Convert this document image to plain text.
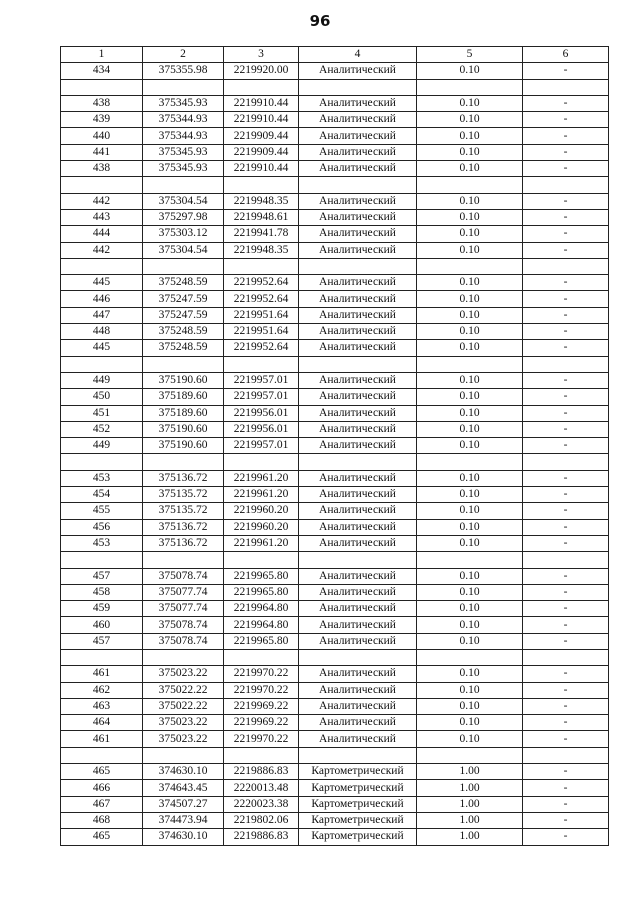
96
1	2	3	4	5	6
434	375355.98	2219920.00	Аналитический	0.10	-

438	375345.93	2219910.44	Аналитический	0.10	-
439	375344.93	2219910.44	Аналитический	0.10	-
440	375344.93	2219909.44	Аналитический	0.10	-
441	375345.93	2219909.44	Аналитический	0.10	-
438	375345.93	2219910.44	Аналитический	0.10	-

442	375304.54	2219948.35	Аналитический	0.10	-
443	375297.98	2219948.61	Аналитический	0.10	-
444	375303.12	2219941.78	Аналитический	0.10	-
442	375304.54	2219948.35	Аналитический	0.10	-

445	375248.59	2219952.64	Аналитический	0.10	-
446	375247.59	2219952.64	Аналитический	0.10	-
447	375247.59	2219951.64	Аналитический	0.10	-
448	375248.59	2219951.64	Аналитический	0.10	-
445	375248.59	2219952.64	Аналитический	0.10	-

449	375190.60	2219957.01	Аналитический	0.10	-
450	375189.60	2219957.01	Аналитический	0.10	-
451	375189.60	2219956.01	Аналитический	0.10	-
452	375190.60	2219956.01	Аналитический	0.10	-
449	375190.60	2219957.01	Аналитический	0.10	-

453	375136.72	2219961.20	Аналитический	0.10	-
454	375135.72	2219961.20	Аналитический	0.10	-
455	375135.72	2219960.20	Аналитический	0.10	-
456	375136.72	2219960.20	Аналитический	0.10	-
453	375136.72	2219961.20	Аналитический	0.10	-

457	375078.74	2219965.80	Аналитический	0.10	-
458	375077.74	2219965.80	Аналитический	0.10	-
459	375077.74	2219964.80	Аналитический	0.10	-
460	375078.74	2219964.80	Аналитический	0.10	-
457	375078.74	2219965.80	Аналитический	0.10	-

461	375023.22	2219970.22	Аналитический	0.10	-
462	375022.22	2219970.22	Аналитический	0.10	-
463	375022.22	2219969.22	Аналитический	0.10	-
464	375023.22	2219969.22	Аналитический	0.10	-
461	375023.22	2219970.22	Аналитический	0.10	-

465	374630.10	2219886.83	Картометрический	1.00	-
466	374643.45	2220013.48	Картометрический	1.00	-
467	374507.27	2220023.38	Картометрический	1.00	-
468	374473.94	2219802.06	Картометрический	1.00	-
465	374630.10	2219886.83	Картометрический	1.00	-
